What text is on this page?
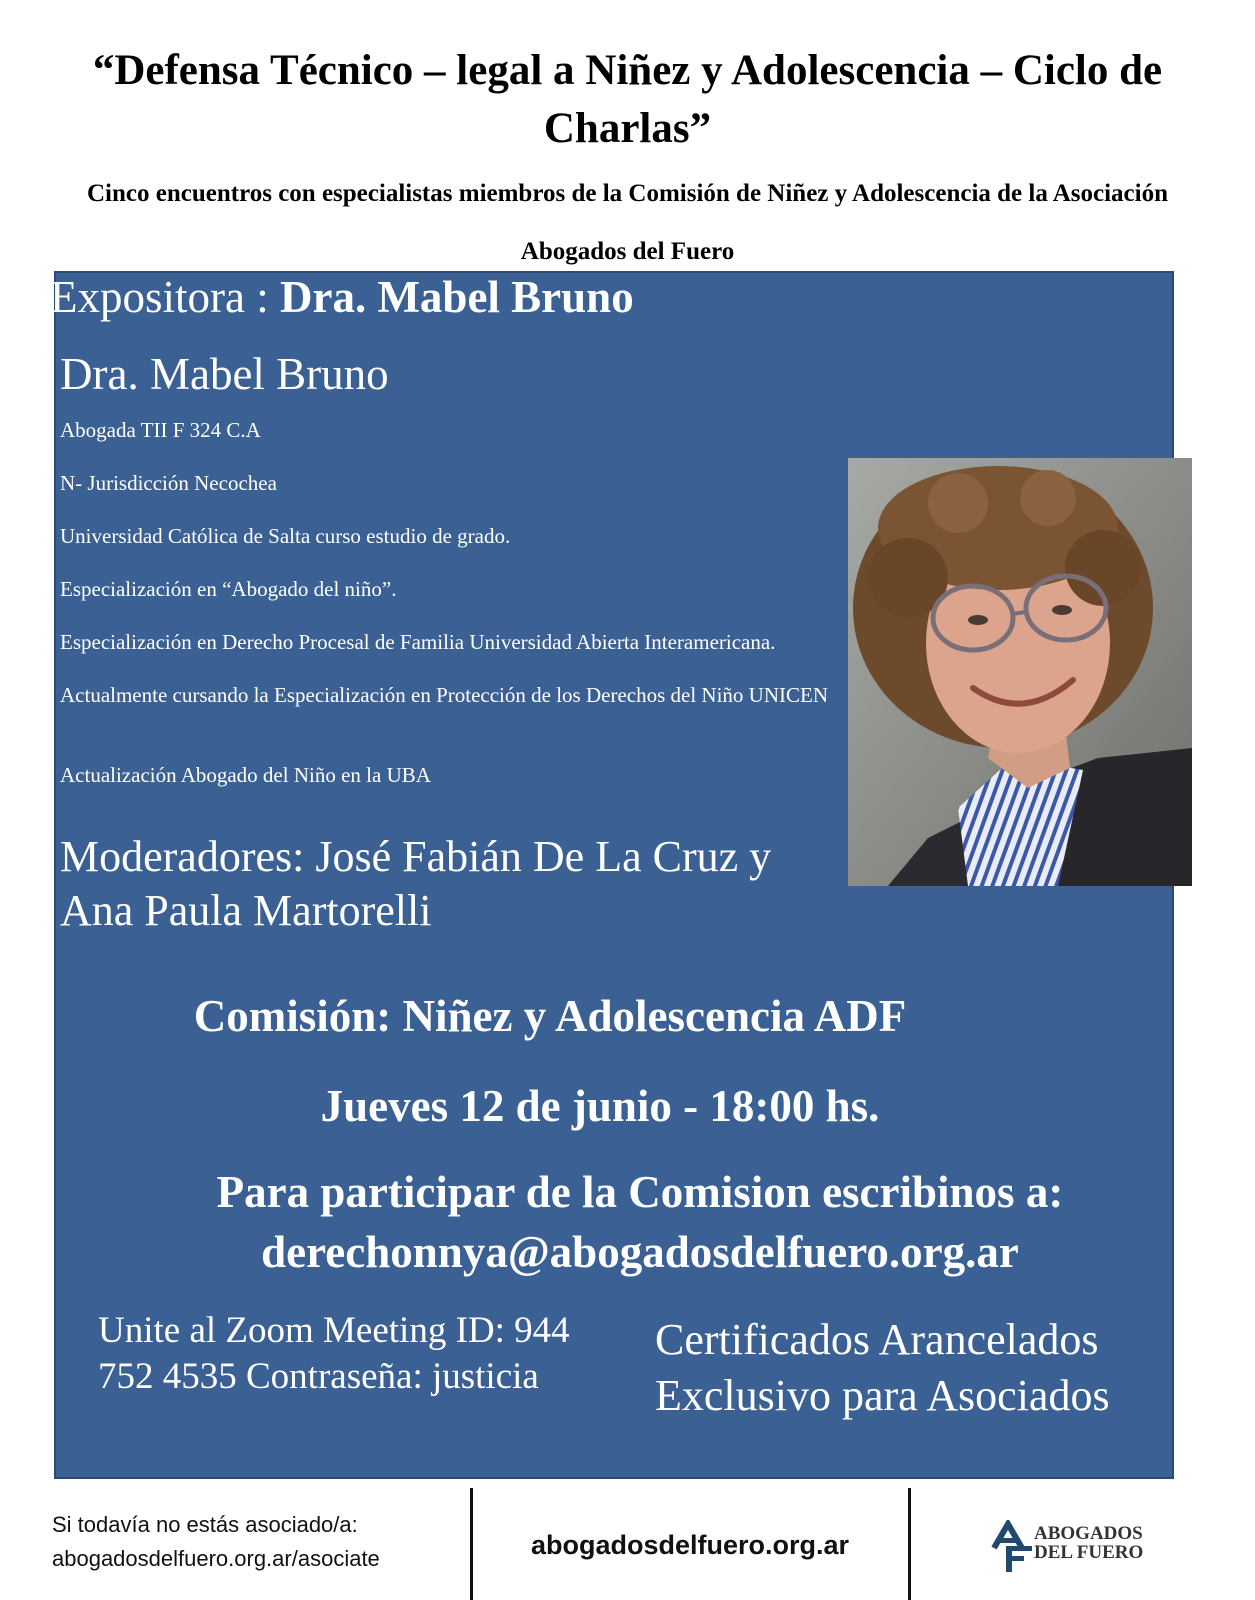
“Defensa Técnico – legal a Niñez y Adolescencia – Ciclo de Charlas”
Cinco encuentros con especialistas miembros de la Comisión de Niñez y Adolescencia de la Asociación Abogados del Fuero
Expositora : Dra. Mabel Bruno
Dra. Mabel Bruno
Abogada TII F 324 C.A
N- Jurisdicción Necochea
Universidad Católica de Salta curso estudio de grado.
Especialización en “Abogado del niño”.
Especialización en Derecho Procesal de Familia Universidad Abierta Interamericana.
Actualmente cursando la Especialización en Protección de los Derechos del Niño UNICEN
Actualización Abogado del Niño en la UBA
Moderadores: José Fabián De La Cruz y Ana Paula Martorelli
Comisión: Niñez y Adolescencia ADF
Jueves 12 de junio - 18:00 hs.
Para participar de la Comision escribinos a:
derechonnya@abogadosdelfuero.org.ar
Unite al Zoom Meeting ID: 944 752 4535 Contraseña: justicia
Certificados Arancelados Exclusivo para Asociados
Si todavía no estás asociado/a:
abogadosdelfuero.org.ar/asociate	abogadosdelfuero.org.ar	ABOGADOS
DEL FUERO
